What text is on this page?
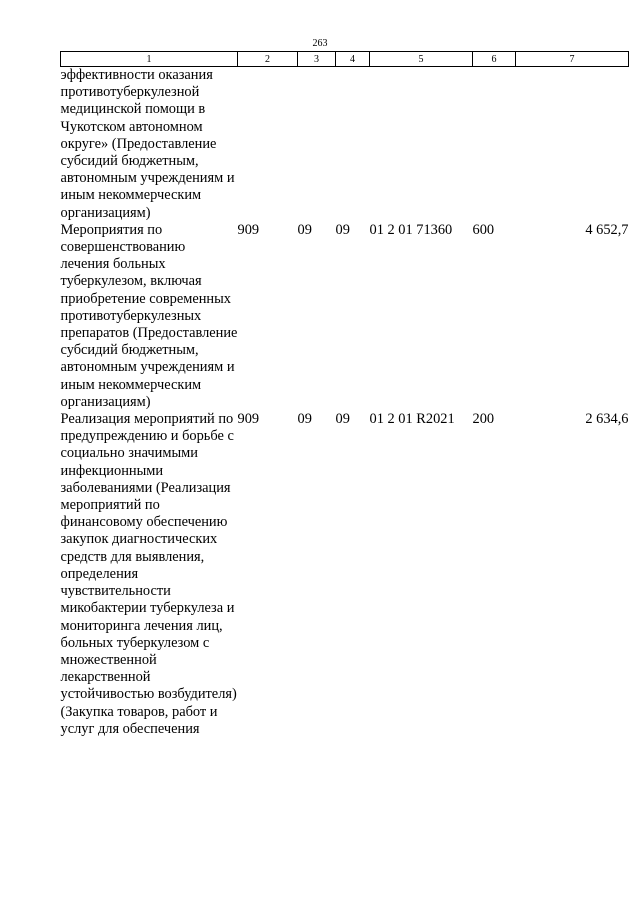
263
1	2	3	4	5	6	7
эффективности оказания противотуберкулезной медицинской помощи в Чукотском автономном округе» (Предоставление субсидий бюджетным, автономным учреждениям и иным некоммерческим организациям)						
Мероприятия по совершенствованию лечения больных туберкулезом, включая приобретение современных противотуберкулезных препаратов (Предоставление субсидий бюджетным, автономным учреждениям и иным некоммерческим организациям)	909	09	09	01 2 01 71360	600	4 652,7
Реализация мероприятий по предупреждению и борьбе с социально значимыми инфекционными заболеваниями (Реализация мероприятий по финансовому обеспечению закупок диагностических средств для выявления, определения чувствительности микобактерии туберкулеза и мониторинга лечения лиц, больных туберкулезом с множественной лекарственной устойчивостью возбудителя) (Закупка товаров, работ и услуг для обеспечения	909	09	09	01 2 01 R2021	200	2 634,6
